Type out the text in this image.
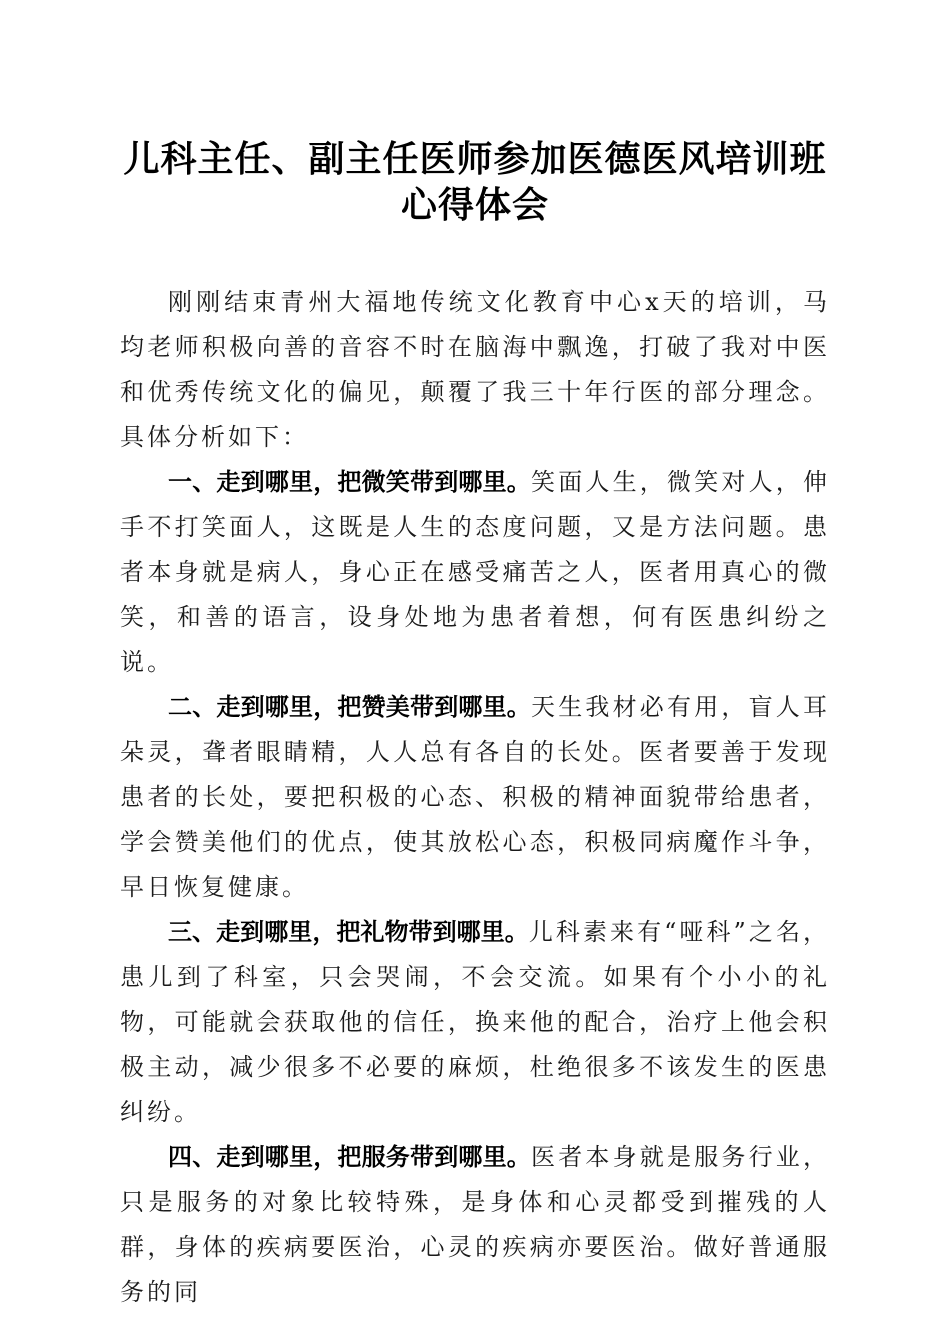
儿科主任、副主任医师参加医德医风培训班心得体会

刚刚结束青州大福地传统文化教育中心x天的培训，马均老师积极向善的音容不时在脑海中飘逸，打破了我对中医和优秀传统文化的偏见，颠覆了我三十年行医的部分理念。具体分析如下：

一、走到哪里，把微笑带到哪里。笑面人生，微笑对人，伸手不打笑面人，这既是人生的态度问题，又是方法问题。患者本身就是病人，身心正在感受痛苦之人，医者用真心的微笑，和善的语言，设身处地为患者着想，何有医患纠纷之说。

二、走到哪里，把赞美带到哪里。天生我材必有用，盲人耳朵灵，聋者眼睛精，人人总有各自的长处。医者要善于发现患者的长处，要把积极的心态、积极的精神面貌带给患者，学会赞美他们的优点，使其放松心态，积极同病魔作斗争，早日恢复健康。

三、走到哪里，把礼物带到哪里。儿科素来有“哑科”之名，患儿到了科室，只会哭闹，不会交流。如果有个小小的礼物，可能就会获取他的信任，换来他的配合，治疗上他会积极主动，减少很多不必要的麻烦，杜绝很多不该发生的医患纠纷。

四、走到哪里，把服务带到哪里。医者本身就是服务行业，只是服务的对象比较特殊，是身体和心灵都受到摧残的人群，身体的疾病要医治，心灵的疾病亦要医治。做好普通服务的同
